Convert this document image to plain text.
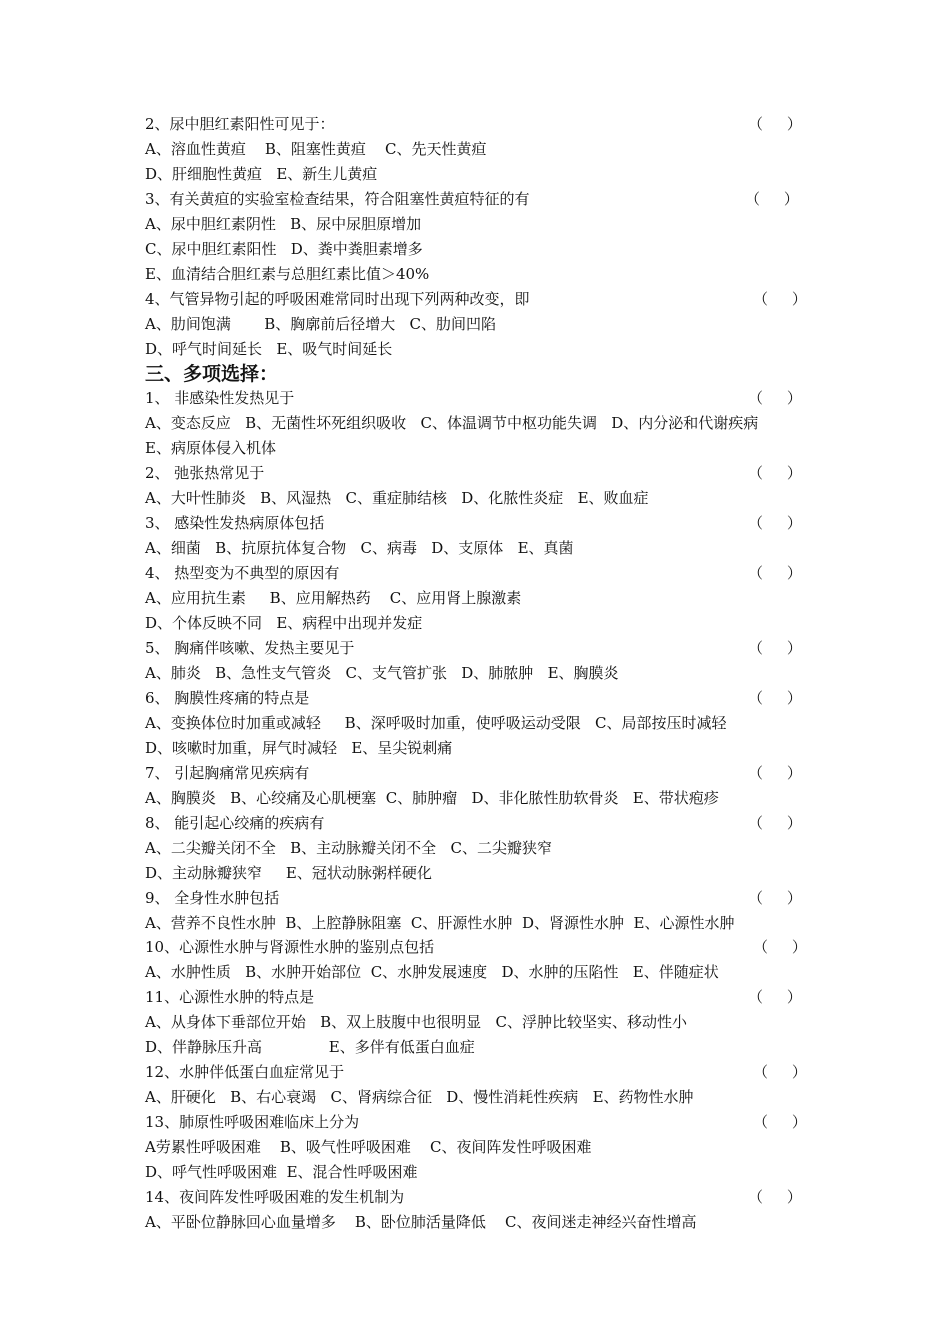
2、尿中胆红素阳性可见于：	（     ）
A、溶血性黄疸    B、阻塞性黄疸    C、先天性黄疸
D、肝细胞性黄疸   E、新生儿黄疸
3、有关黄疸的实验室检查结果，符合阻塞性黄疸特征的有	（     ）
A、尿中胆红素阴性   B、尿中尿胆原增加
C、尿中胆红素阳性   D、粪中粪胆素增多
E、血清结合胆红素与总胆红素比值＞40%
4、气管异物引起的呼吸困难常同时出现下列两种改变，即	（     ）
A、肋间饱满       B、胸廓前后径增大   C、肋间凹陷
D、呼气时间延长   E、吸气时间延长
三、多项选择：
1、 非感染性发热见于	（     ）
A、变态反应   B、无菌性坏死组织吸收   C、体温调节中枢功能失调   D、内分泌和代谢疾病
E、病原体侵入机体
2、 弛张热常见于	（     ）
A、大叶性肺炎   B、风湿热   C、重症肺结核   D、化脓性炎症   E、败血症
3、 感染性发热病原体包括	（     ）
A、细菌   B、抗原抗体复合物   C、病毒   D、支原体   E、真菌
4、 热型变为不典型的原因有	（     ）
A、应用抗生素     B、应用解热药    C、应用肾上腺激素
D、个体反映不同   E、病程中出现并发症
5、 胸痛伴咳嗽、发热主要见于	（     ）
A、肺炎   B、急性支气管炎   C、支气管扩张   D、肺脓肿   E、胸膜炎
6、 胸膜性疼痛的特点是	（     ）
A、变换体位时加重或减轻     B、深呼吸时加重，使呼吸运动受限   C、局部按压时减轻
D、咳嗽时加重，屏气时减轻   E、呈尖锐刺痛
7、 引起胸痛常见疾病有	（     ）
A、胸膜炎   B、心绞痛及心肌梗塞  C、肺肿瘤   D、非化脓性肋软骨炎   E、带状疱疹
8、 能引起心绞痛的疾病有	（     ）
A、二尖瓣关闭不全   B、主动脉瓣关闭不全   C、二尖瓣狭窄
D、主动脉瓣狭窄     E、冠状动脉粥样硬化
9、 全身性水肿包括	（     ）
A、营养不良性水肿  B、上腔静脉阻塞  C、肝源性水肿  D、肾源性水肿  E、心源性水肿
10、心源性水肿与肾源性水肿的鉴别点包括	（     ）
A、水肿性质   B、水肿开始部位  C、水肿发展速度   D、水肿的压陷性   E、伴随症状
11、心源性水肿的特点是	（     ）
A、从身体下垂部位开始   B、双上肢腹中也很明显   C、浮肿比较坚实、移动性小
D、伴静脉压升高              E、多伴有低蛋白血症
12、水肿伴低蛋白血症常见于	（     ）
A、肝硬化   B、右心衰竭   C、肾病综合征   D、慢性消耗性疾病   E、药物性水肿
13、肺原性呼吸困难临床上分为	（     ）
A劳累性呼吸困难    B、吸气性呼吸困难    C、夜间阵发性呼吸困难
D、呼气性呼吸困难  E、混合性呼吸困难
14、夜间阵发性呼吸困难的发生机制为	（     ）
A、平卧位静脉回心血量增多    B、卧位肺活量降低    C、夜间迷走神经兴奋性增高
